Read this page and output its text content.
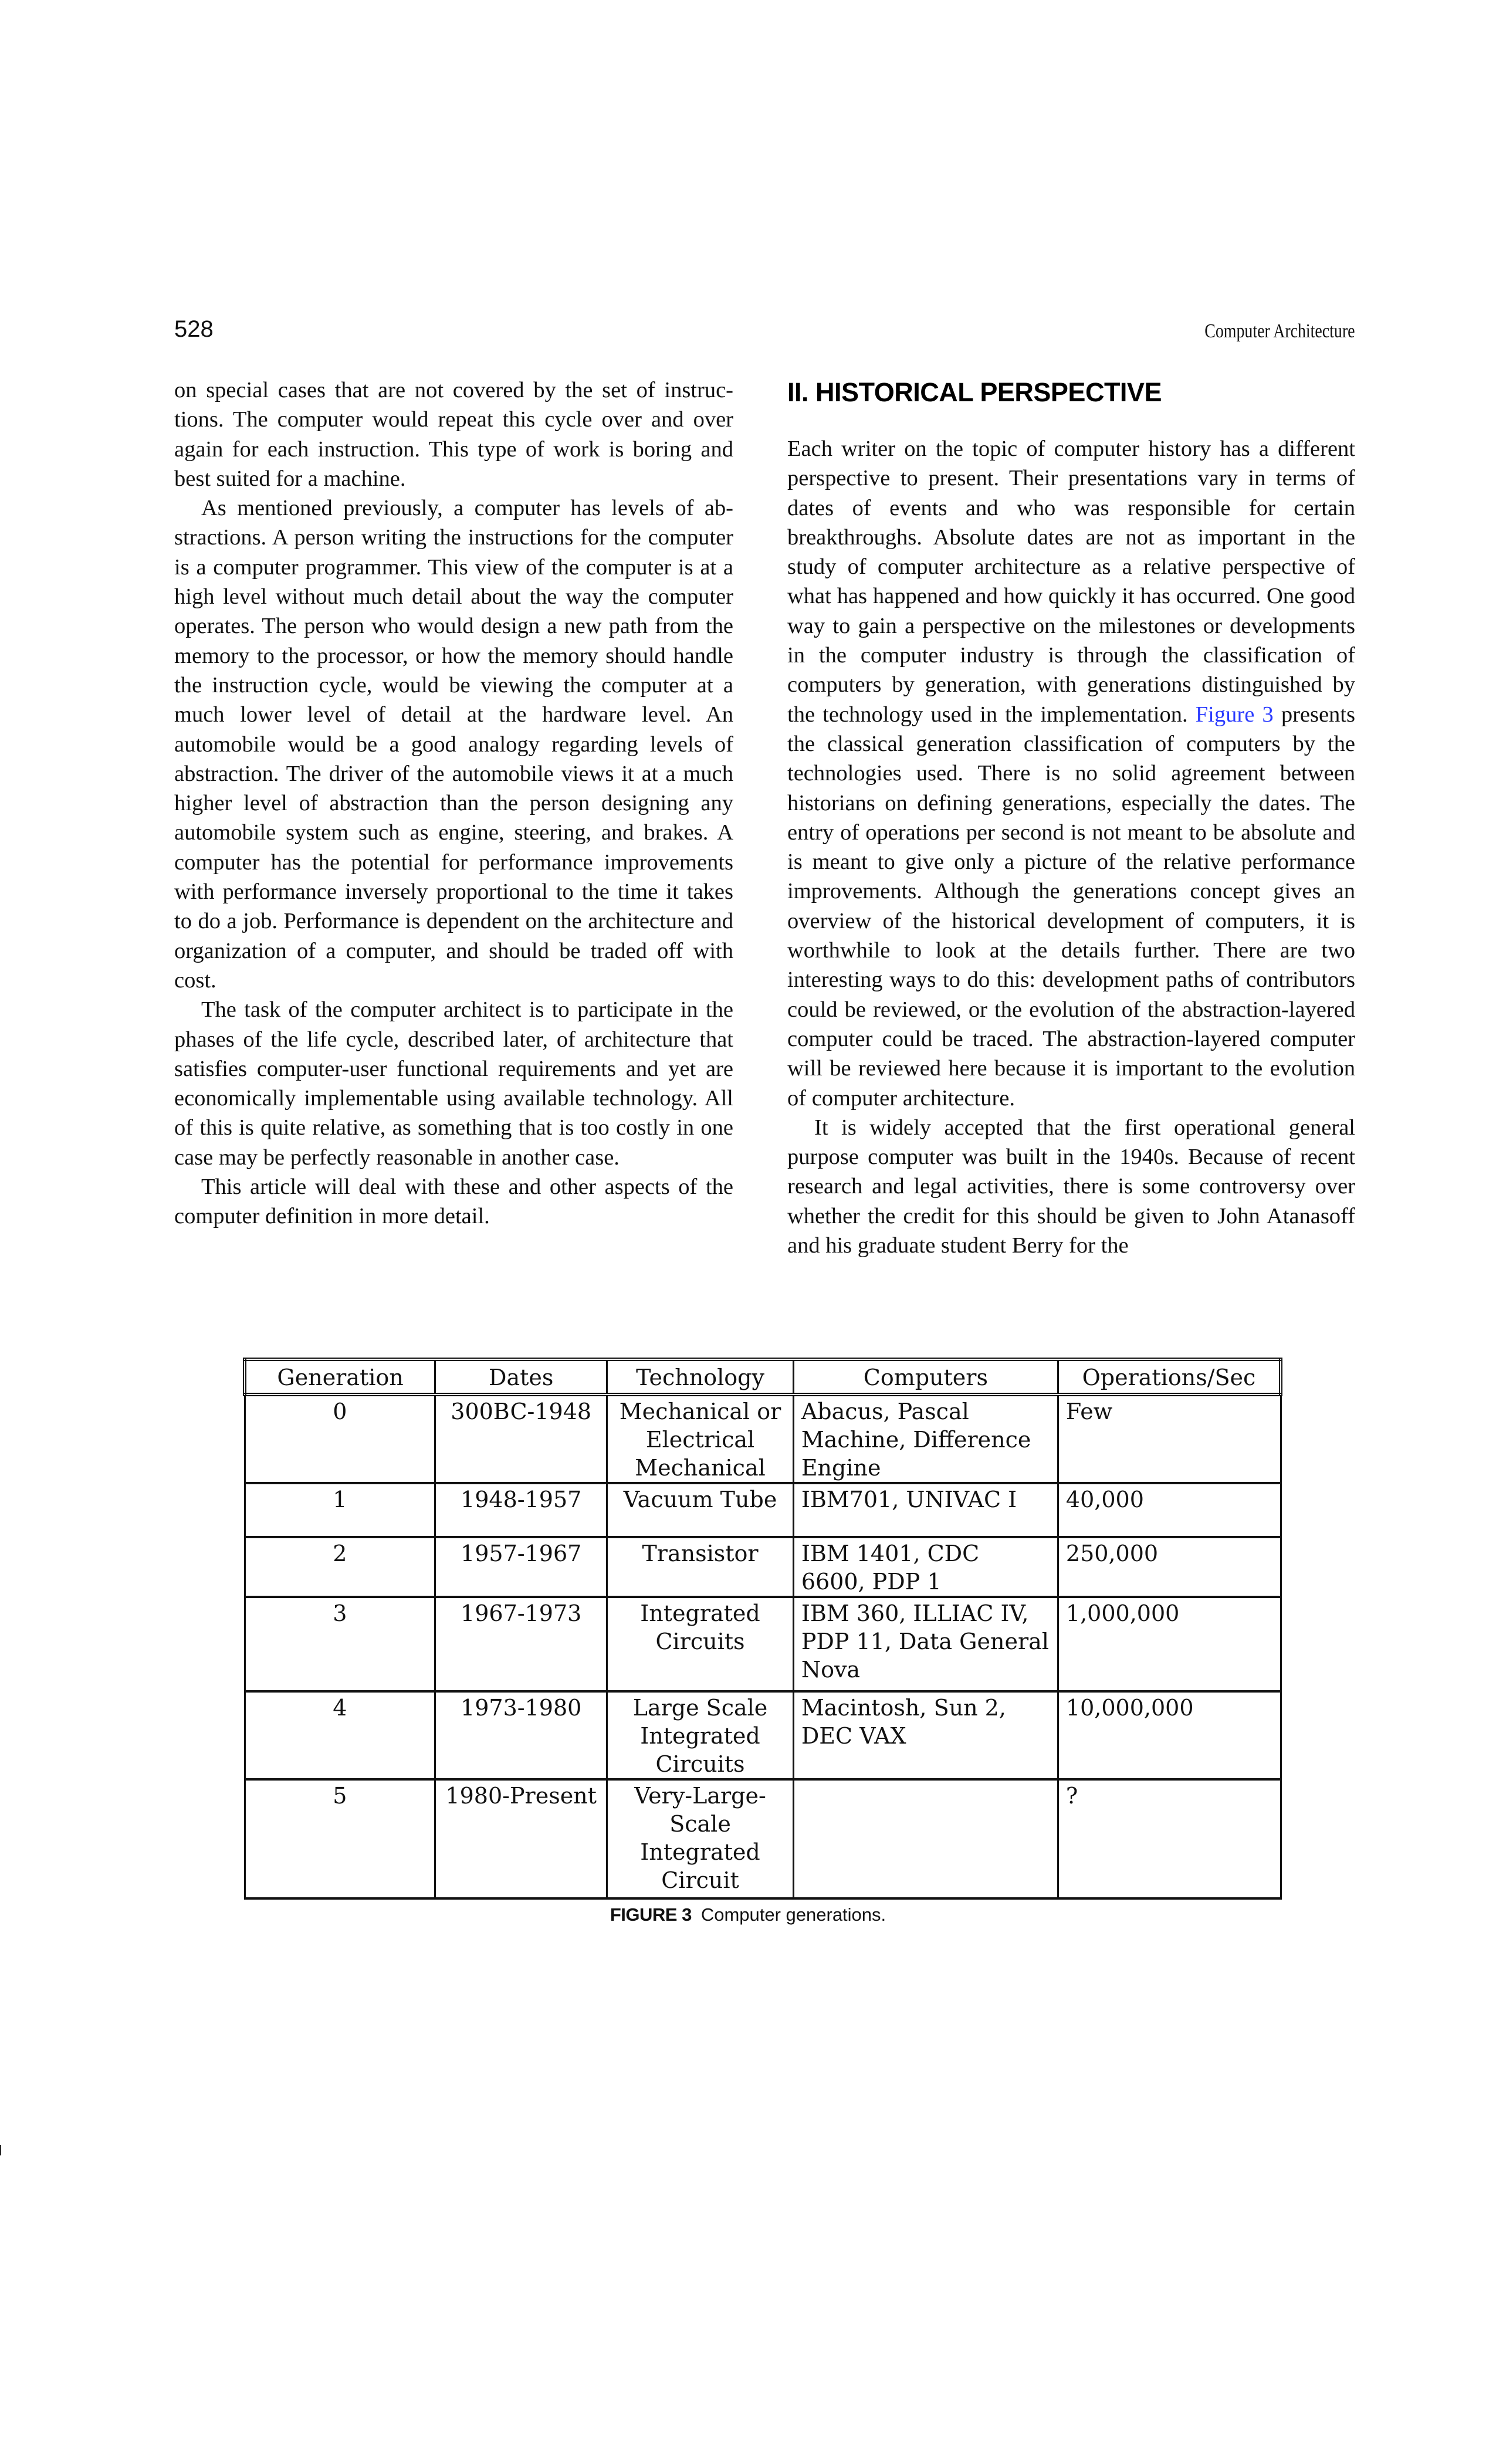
528	Computer Architecture

on special cases that are not covered by the set of instructions. The computer would repeat this cycle over and over again for each instruction. This type of work is boring and best suited for a machine.

As mentioned previously, a computer has levels of abstractions. A person writing the instructions for the computer is a computer programmer. This view of the computer is at a high level without much detail about the way the computer operates. The person who would design a new path from the memory to the processor, or how the memory should handle the instruction cycle, would be viewing the computer at a much lower level of detail at the hardware level. An automobile would be a good analogy regarding levels of abstraction. The driver of the automobile views it at a much higher level of abstraction than the person designing any automobile system such as engine, steering, and brakes. A computer has the potential for performance improvements with performance inversely proportional to the time it takes to do a job. Performance is dependent on the architecture and organization of a computer, and should be traded off with cost.

The task of the computer architect is to participate in the phases of the life cycle, described later, of architecture that satisfies computer-user functional requirements and yet are economically implementable using available technology. All of this is quite relative, as something that is too costly in one case may be perfectly reasonable in another case.

This article will deal with these and other aspects of the computer definition in more detail.

II. HISTORICAL PERSPECTIVE

Each writer on the topic of computer history has a different perspective to present. Their presentations vary in terms of dates of events and who was responsible for certain breakthroughs. Absolute dates are not as important in the study of computer architecture as a relative perspective of what has happened and how quickly it has occurred. One good way to gain a perspective on the milestones or developments in the computer industry is through the classification of computers by generation, with generations distinguished by the technology used in the implementation. Figure 3 presents the classical generation classification of computers by the technologies used. There is no solid agreement between historians on defining generations, especially the dates. The entry of operations per second is not meant to be absolute and is meant to give only a picture of the relative performance improvements. Although the generations concept gives an overview of the historical development of computers, it is worthwhile to look at the details further. There are two interesting ways to do this: development paths of contributors could be reviewed, or the evolution of the abstraction-layered computer could be traced. The abstraction-layered computer will be reviewed here because it is important to the evolution of computer architecture.

It is widely accepted that the first operational general purpose computer was built in the 1940s. Because of recent research and legal activities, there is some controversy over whether the credit for this should be given to John Atanasoff and his graduate student Berry for the

Generation	Dates	Technology	Computers	Operations/Sec
0	300BC-1948	Mechanical or Electrical Mechanical	Abacus, Pascal Machine, Difference Engine	Few
1	1948-1957	Vacuum Tube	IBM701, UNIVAC I	40,000
2	1957-1967	Transistor	IBM 1401, CDC 6600, PDP 1	250,000
3	1967-1973	Integrated Circuits	IBM 360, ILLIAC IV, PDP 11, Data General Nova	1,000,000
4	1973-1980	Large Scale Integrated Circuits	Macintosh, Sun 2, DEC VAX	10,000,000
5	1980-Present	Very-Large-Scale Integrated Circuit		?
FIGURE 3 Computer generations.
